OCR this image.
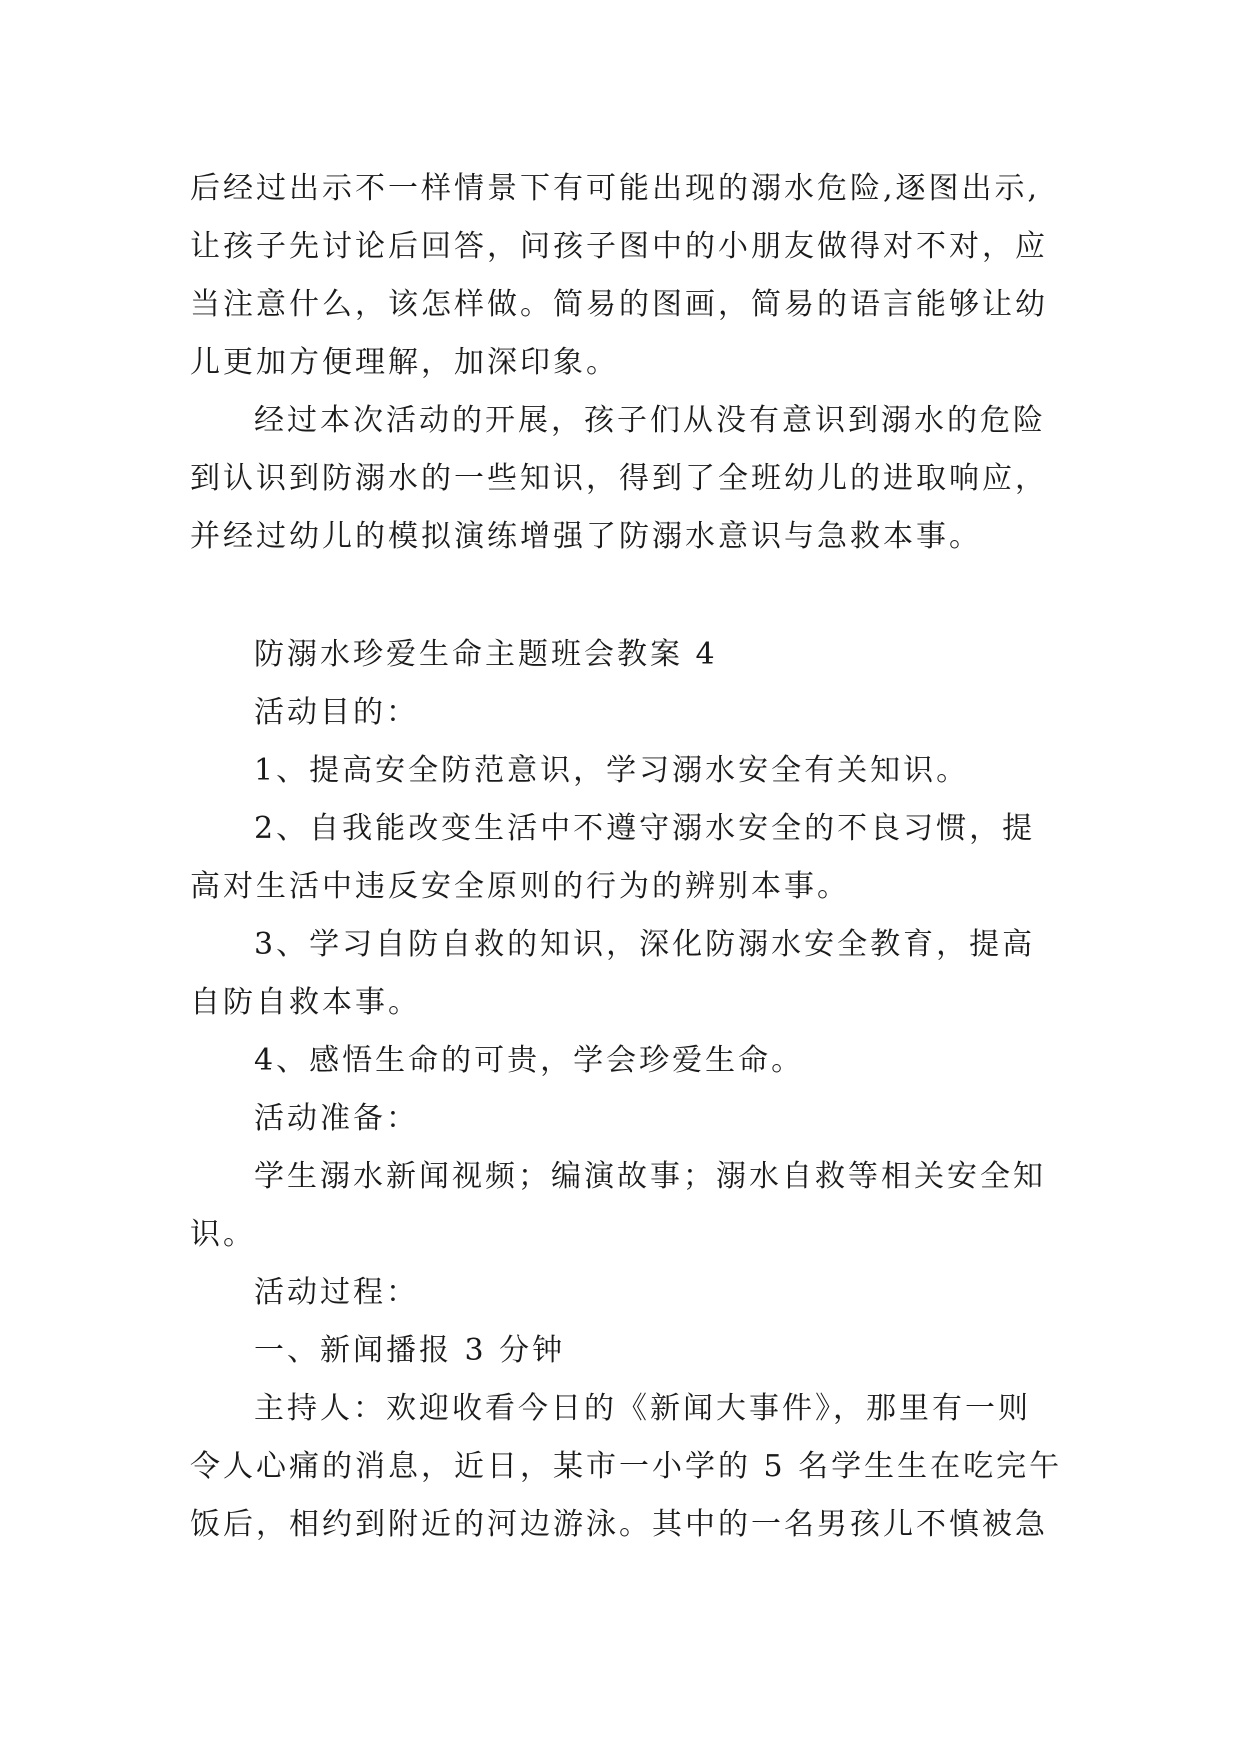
后经过出示不一样情景下有可能出现的溺水危险,逐图出示,
让孩子先讨论后回答，问孩子图中的小朋友做得对不对，应
当注意什么，该怎样做。简易的图画，简易的语言能够让幼
儿更加方便理解，加深印象。
经过本次活动的开展，孩子们从没有意识到溺水的危险
到认识到防溺水的一些知识，得到了全班幼儿的进取响应，
并经过幼儿的模拟演练增强了防溺水意识与急救本事。
防溺水珍爱生命主题班会教案 4
活动目的：
1、提高安全防范意识，学习溺水安全有关知识。
2、自我能改变生活中不遵守溺水安全的不良习惯，提
高对生活中违反安全原则的行为的辨别本事。
3、学习自防自救的知识，深化防溺水安全教育，提高
自防自救本事。
4、感悟生命的可贵，学会珍爱生命。
活动准备：
学生溺水新闻视频；编演故事；溺水自救等相关安全知
识。
活动过程：
一、新闻播报 3 分钟
主持人：欢迎收看今日的《新闻大事件》，那里有一则
令人心痛的消息，近日，某市一小学的 5 名学生生在吃完午
饭后，相约到附近的河边游泳。其中的一名男孩儿不慎被急
